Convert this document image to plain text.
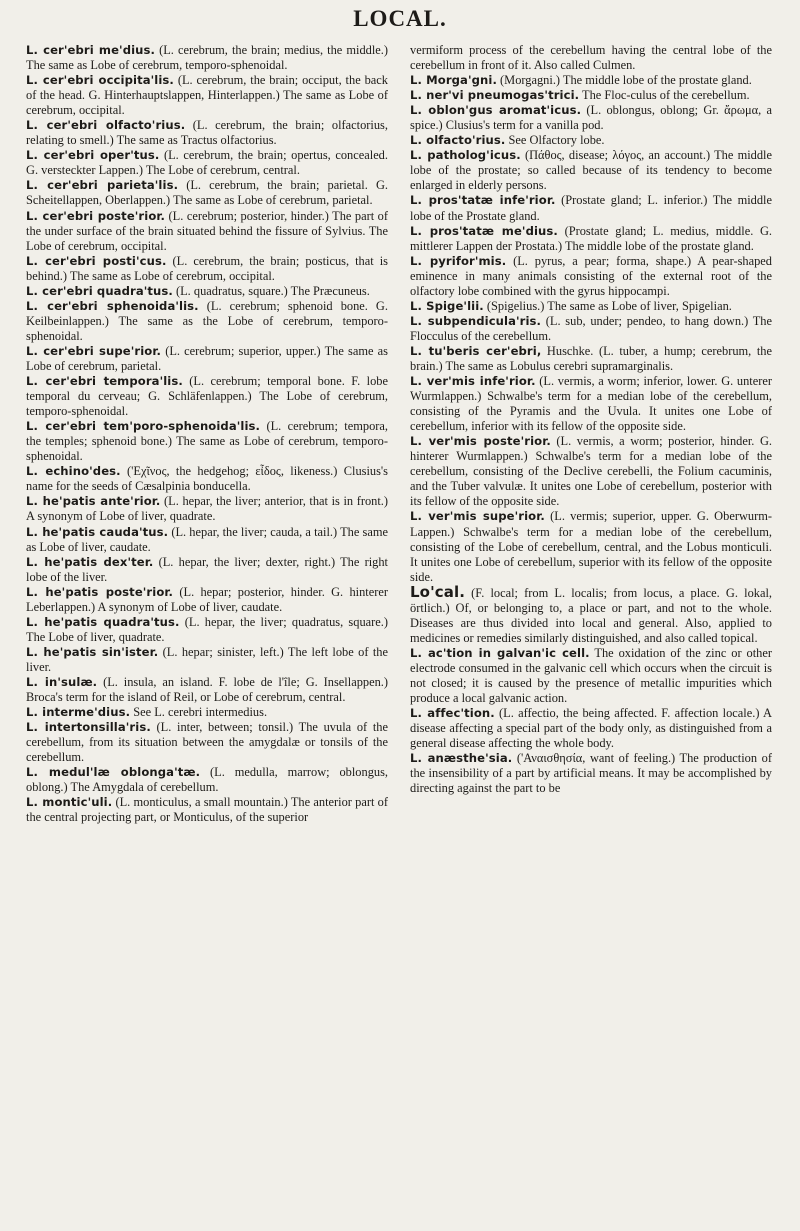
LOCAL.

L. cer'ebri me'dius. (L. cerebrum, the brain; medius, the middle.) The same as Lobe of cerebrum, temporo-sphenoidal.

L. cer'ebri occipita'lis. (L. cerebrum, the brain; occiput, the back of the head. G. Hinterhauptslappen, Hinterlappen.) The same as Lobe of cerebrum, occipital.

L. cer'ebri olfacto'rius. (L. cerebrum, the brain; olfactorius, relating to smell.) The same as Tractus olfactorius.

L. cer'ebri oper'tus. (L. cerebrum, the brain; opertus, concealed. G. versteckter Lappen.) The Lobe of cerebrum, central.

L. cer'ebri parieta'lis. (L. cerebrum, the brain; parietal. G. Scheitellappen, Oberlappen.) The same as Lobe of cerebrum, parietal.

L. cer'ebri poste'rior. (L. cerebrum; posterior, hinder.) The part of the under surface of the brain situated behind the fissure of Sylvius. The Lobe of cerebrum, occipital.

L. cer'ebri posti'cus. (L. cerebrum, the brain; posticus, that is behind.) The same as Lobe of cerebrum, occipital.

L. cer'ebri quadra'tus. (L. quadratus, square.) The Præcuneus.

L. cer'ebri sphenoida'lis. (L. cerebrum; sphenoid bone. G. Keilbeinlappen.) The same as the Lobe of cerebrum, temporo-sphenoidal.

L. cer'ebri supe'rior. (L. cerebrum; superior, upper.) The same as Lobe of cerebrum, parietal.

L. cer'ebri tempora'lis. (L. cerebrum; temporal bone. F. lobe temporal du cerveau; G. Schläfenlappen.) The Lobe of cerebrum, temporo-sphenoidal.

L. cer'ebri tem'poro-sphenoida'lis. (L. cerebrum; tempora, the temples; sphenoid bone.) The same as Lobe of cerebrum, temporo-sphenoidal.

L. echino'des. ('Εχῖνος, the hedgehog; εἶδος, likeness.) Clusius's name for the seeds of Cæsalpinia bonducella.

L. he'patis ante'rior. (L. hepar, the liver; anterior, that is in front.) A synonym of Lobe of liver, quadrate.

L. he'patis cauda'tus. (L. hepar, the liver; cauda, a tail.) The same as Lobe of liver, caudate.

L. he'patis dex'ter. (L. hepar, the liver; dexter, right.) The right lobe of the liver.

L. he'patis poste'rior. (L. hepar; posterior, hinder. G. hinterer Leberlappen.) A synonym of Lobe of liver, caudate.

L. he'patis quadra'tus. (L. hepar, the liver; quadratus, square.) The Lobe of liver, quadrate.

L. he'patis sin'ister. (L. hepar; sinister, left.) The left lobe of the liver.

L. in'sulæ. (L. insula, an island. F. lobe de l'île; G. Insellappen.) Broca's term for the island of Reil, or Lobe of cerebrum, central.

L. interme'dius. See L. cerebri intermedius.

L. intertonsilla'ris. (L. inter, between; tonsil.) The uvula of the cerebellum, from its situation between the amygdalæ or tonsils of the cerebellum.

L. medul'læ oblonga'tæ. (L. medulla, marrow; oblongus, oblong.) The Amygdala of cerebellum.

L. montic'uli. (L. monticulus, a small mountain.) The anterior part of the central projecting part, or Monticulus, of the superior

vermiform process of the cerebellum having the central lobe of the cerebellum in front of it. Also called Culmen.

L. Morga'gni. (Morgagni.) The middle lobe of the prostate gland.

L. ner'vi pneumogas'trici. The Floc-culus of the cerebellum.

L. oblon'gus aromat'icus. (L. oblongus, oblong; Gr. ἄρωμα, a spice.) Clusius's term for a vanilla pod.

L. olfacto'rius. See Olfactory lobe.

L. patholog'icus. (Πάθος, disease; λόγος, an account.) The middle lobe of the prostate; so called because of its tendency to become enlarged in elderly persons.

L. pros'tatæ infe'rior. (Prostate gland; L. inferior.) The middle lobe of the Prostate gland.

L. pros'tatæ me'dius. (Prostate gland; L. medius, middle. G. mittlerer Lappen der Prostata.) The middle lobe of the prostate gland.

L. pyrifor'mis. (L. pyrus, a pear; forma, shape.) A pear-shaped eminence in many animals consisting of the external root of the olfactory lobe combined with the gyrus hippocampi.

L. Spige'lii. (Spigelius.) The same as Lobe of liver, Spigelian.

L. subpendicula'ris. (L. sub, under; pendeo, to hang down.) The Flocculus of the cerebellum.

L. tu'beris cer'ebri, Huschke. (L. tuber, a hump; cerebrum, the brain.) The same as Lobulus cerebri supramarginalis.

L. ver'mis infe'rior. (L. vermis, a worm; inferior, lower. G. unterer Wurmlappen.) Schwalbe's term for a median lobe of the cerebellum, consisting of the Pyramis and the Uvula. It unites one Lobe of cerebellum, inferior with its fellow of the opposite side.

L. ver'mis poste'rior. (L. vermis, a worm; posterior, hinder. G. hinterer Wurmlappen.) Schwalbe's term for a median lobe of the cerebellum, consisting of the Declive cerebelli, the Folium cacuminis, and the Tuber valvulæ. It unites one Lobe of cerebellum, posterior with its fellow of the opposite side.

L. ver'mis supe'rior. (L. vermis; superior, upper. G. Oberwurm-Lappen.) Schwalbe's term for a median lobe of the cerebellum, consisting of the Lobe of cerebellum, central, and the Lobus monticuli. It unites one Lobe of cerebellum, superior with its fellow of the opposite side.

Lo'cal. (F. local; from L. localis; from locus, a place. G. lokal, örtlich.) Of, or belonging to, a place or part, and not to the whole. Diseases are thus divided into local and general. Also, applied to medicines or remedies similarly distinguished, and also called topical.

L. ac'tion in galvan'ic cell. The oxidation of the zinc or other electrode consumed in the galvanic cell which occurs when the circuit is not closed; it is caused by the presence of metallic impurities which produce a local galvanic action.

L. affec'tion. (L. affectio, the being affected. F. affection locale.) A disease affecting a special part of the body only, as distinguished from a general disease affecting the whole body.

L. anæsthe'sia. ('Αναισθησία, want of feeling.) The production of the insensibility of a part by artificial means. It may be accomplished by directing against the part to be
